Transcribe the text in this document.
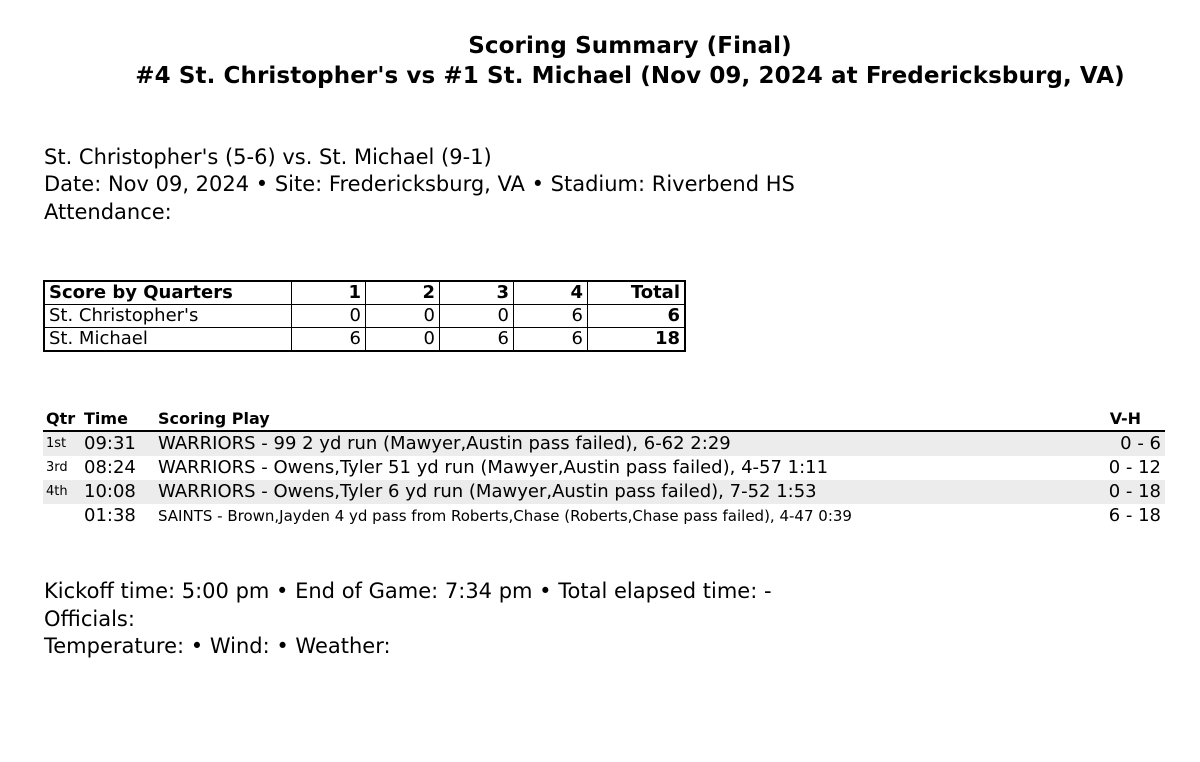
Scoring Summary (Final)
#4 St. Christopher's vs #1 St. Michael (Nov 09, 2024 at Fredericksburg, VA)
St. Christopher's (5-6) vs. St. Michael (9-1)
Date: Nov 09, 2024 • Site: Fredericksburg, VA • Stadium: Riverbend HS
Attendance:
Score by Quarters	1	2	3	4	Total
St. Christopher's	0	0	0	6	6
St. Michael	6	0	6	6	18
Qtr Time Scoring Play	V-H
1st 09:31 WARRIORS - 99 2 yd run (Mawyer,Austin pass failed), 6-62 2:29	0 - 6
3rd 08:24 WARRIORS - Owens,Tyler 51 yd run (Mawyer,Austin pass failed), 4-57 1:11	0 - 12
4th 10:08 WARRIORS - Owens,Tyler 6 yd run (Mawyer,Austin pass failed), 7-52 1:53	0 - 18
01:38 SAINTS - Brown,Jayden 4 yd pass from Roberts,Chase (Roberts,Chase pass failed), 4-47 0:39	6 - 18
Kickoff time: 5:00 pm • End of Game: 7:34 pm • Total elapsed time: -
Officials:
Temperature: • Wind: • Weather:
